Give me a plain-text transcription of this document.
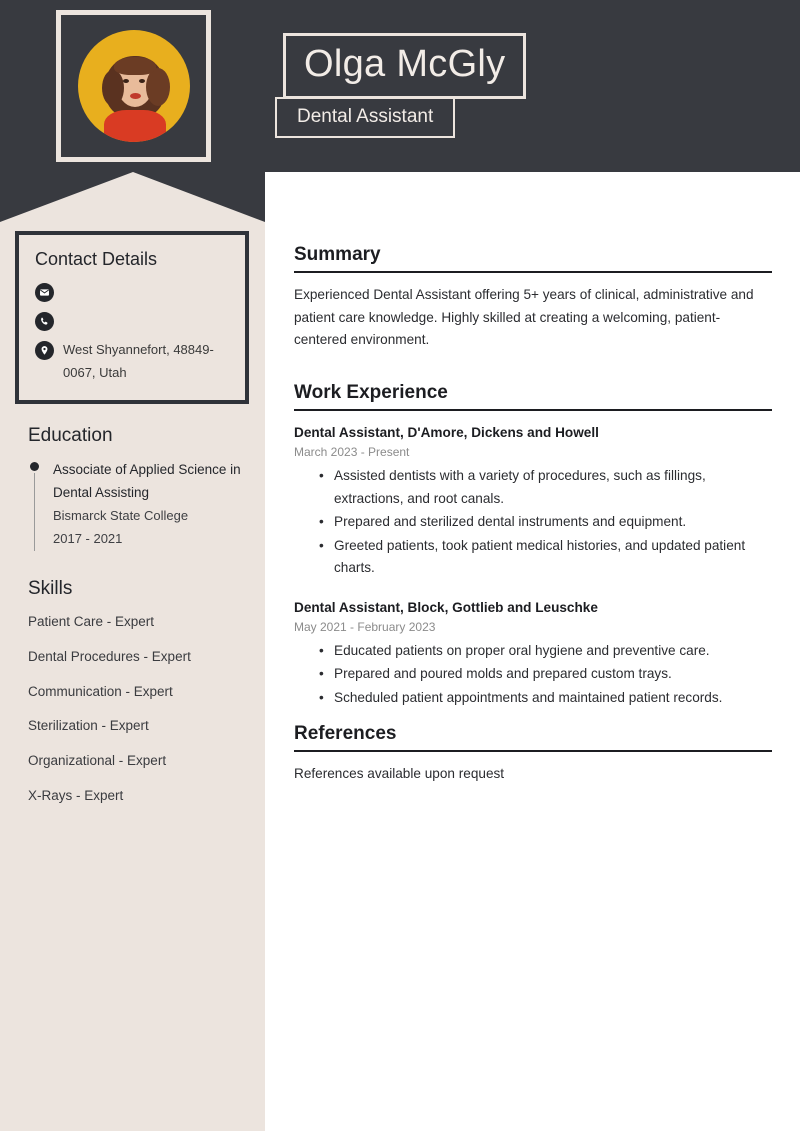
Olga McGly
Dental Assistant
Contact Details
West Shyannefort, 48849-0067, Utah
Education
Associate of Applied Science in Dental Assisting
Bismarck State College
2017 - 2021
Skills
Patient Care - Expert
Dental Procedures - Expert
Communication - Expert
Sterilization - Expert
Organizational - Expert
X-Rays - Expert
Summary

Experienced Dental Assistant offering 5+ years of clinical, administrative and patient care knowledge. Highly skilled at creating a welcoming, patient-centered environment.

Work Experience

Dental Assistant, D'Amore, Dickens and Howell

March 2023 - Present

• Assisted dentists with a variety of procedures, such as fillings, extractions, and root canals.
• Prepared and sterilized dental instruments and equipment.
• Greeted patients, took patient medical histories, and updated patient charts.

Dental Assistant, Block, Gottlieb and Leuschke

May 2021 - February 2023

• Educated patients on proper oral hygiene and preventive care.
• Prepared and poured molds and prepared custom trays.
• Scheduled patient appointments and maintained patient records.
References

References available upon request
